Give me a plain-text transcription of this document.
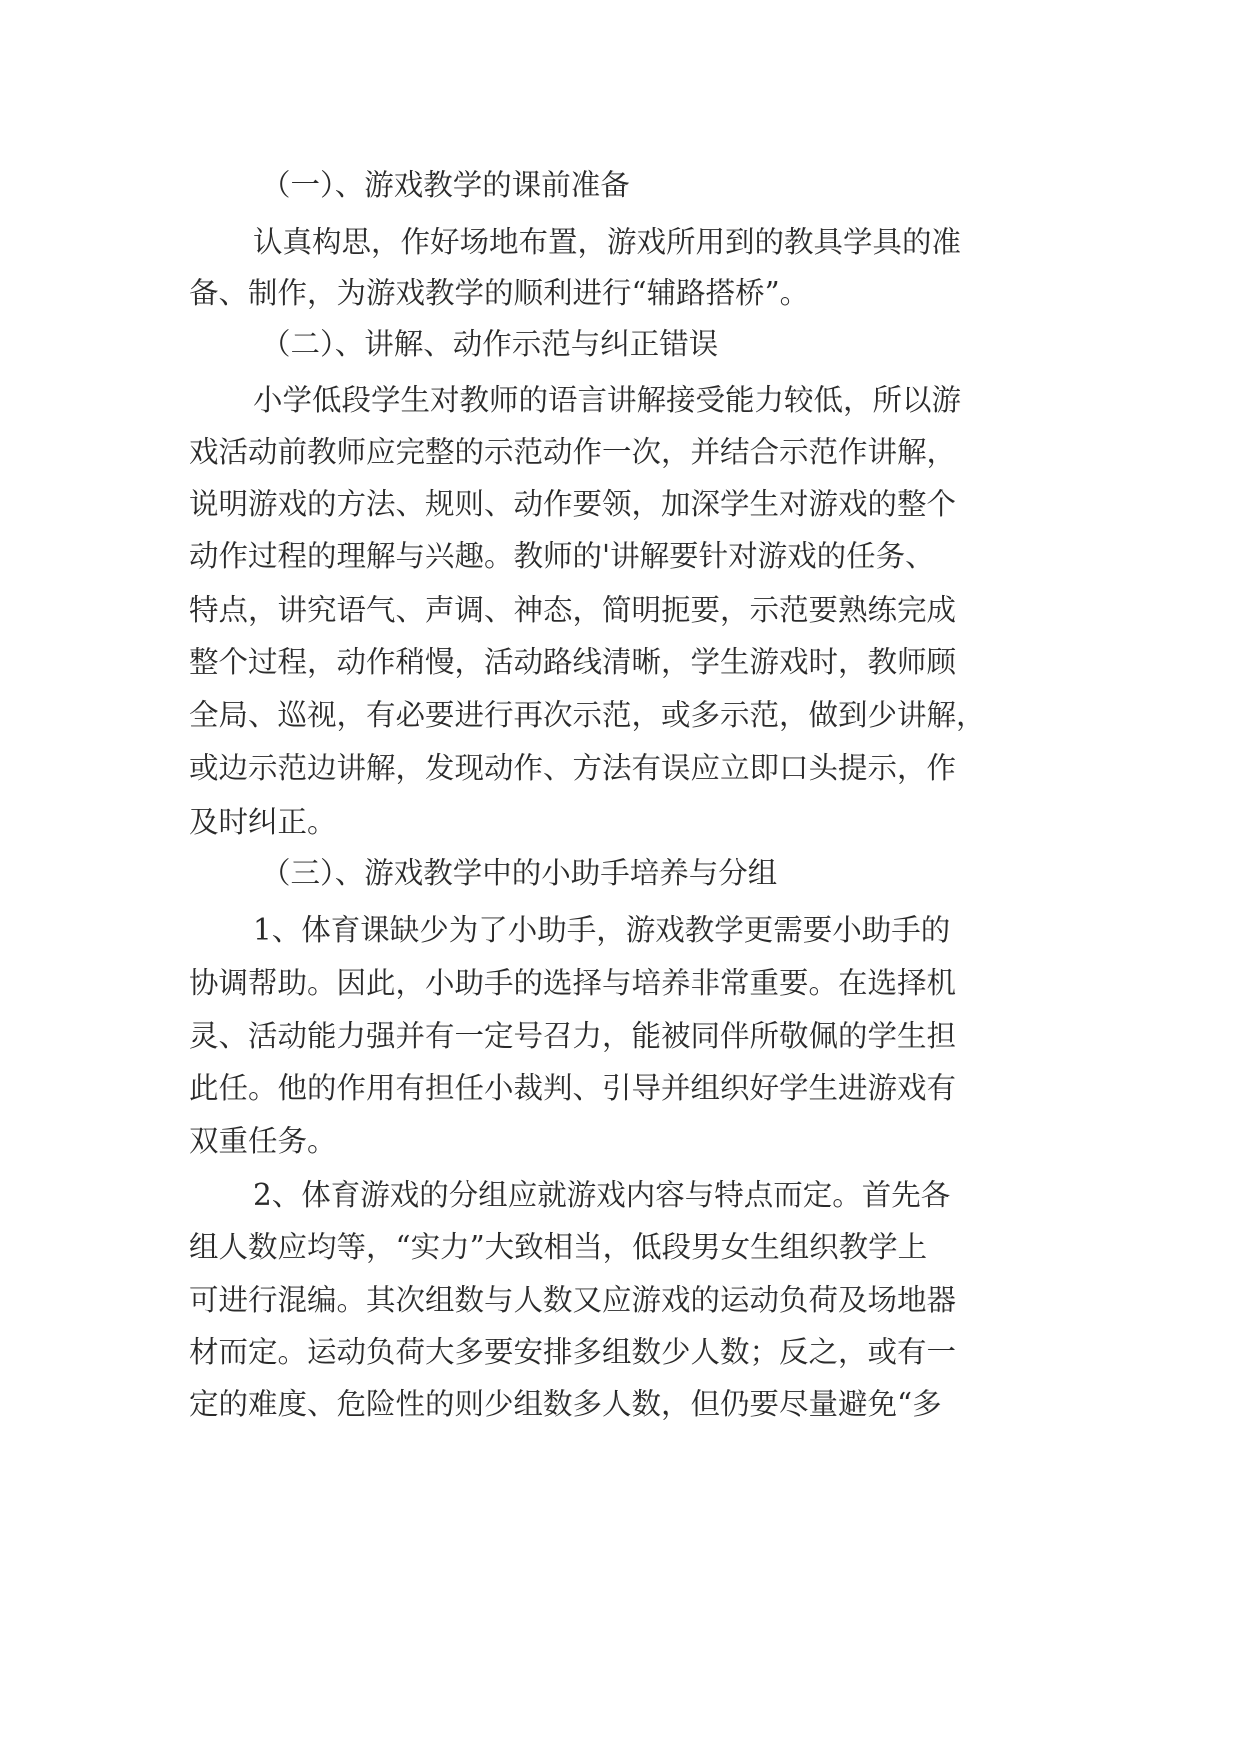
（一）、游戏教学的课前准备
认真构思，作好场地布置，游戏所用到的教具学具的准
备、制作，为游戏教学的顺利进行“辅路搭桥”。
（二）、讲解、动作示范与纠正错误
小学低段学生对教师的语言讲解接受能力较低，所以游
戏活动前教师应完整的示范动作一次，并结合示范作讲解，
说明游戏的方法、规则、动作要领，加深学生对游戏的整个
动作过程的理解与兴趣。教师的'讲解要针对游戏的任务、
特点，讲究语气、声调、神态，简明扼要，示范要熟练完成
整个过程，动作稍慢，活动路线清晰，学生游戏时，教师顾
全局、巡视，有必要进行再次示范，或多示范，做到少讲解，
或边示范边讲解，发现动作、方法有误应立即口头提示，作
及时纠正。
（三）、游戏教学中的小助手培养与分组
1、体育课缺少为了小助手，游戏教学更需要小助手的
协调帮助。因此，小助手的选择与培养非常重要。在选择机
灵、活动能力强并有一定号召力，能被同伴所敬佩的学生担
此任。他的作用有担任小裁判、引导并组织好学生进游戏有
双重任务。
2、体育游戏的分组应就游戏内容与特点而定。首先各
组人数应均等，“实力”大致相当，低段男女生组织教学上
可进行混编。其次组数与人数又应游戏的运动负荷及场地器
材而定。运动负荷大多要安排多组数少人数；反之，或有一
定的难度、危险性的则少组数多人数，但仍要尽量避免“多
